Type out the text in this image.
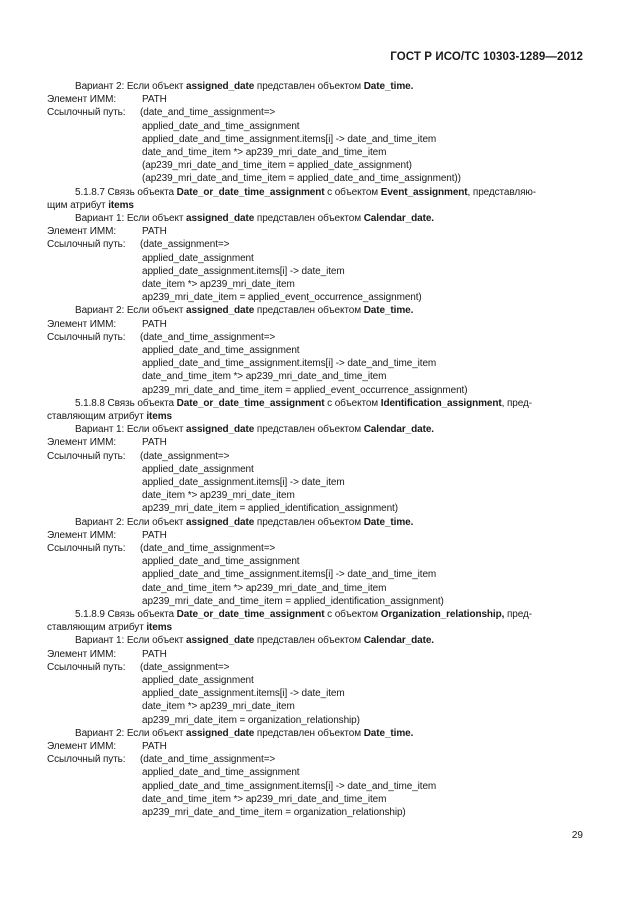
ГОСТ Р ИСО/ТС 10303-1289—2012
Вариант 2: Если объект assigned_date представлен объектом Date_time.
Элемент ИММ:	PATH
Ссылочный путь: (date_and_time_assignment=>
applied_date_and_time_assignment
applied_date_and_time_assignment.items[i] -> date_and_time_item
date_and_time_item *> ap239_mri_date_and_time_item
(ap239_mri_date_and_time_item = applied_date_assignment)
(ap239_mri_date_and_time_item = applied_date_and_time_assignment))
5.1.8.7 Связь объекта Date_or_date_time_assignment с объектом Event_assignment, представляю-
щим атрибут items
Вариант 1: Если объект assigned_date представлен объектом Calendar_date.
Элемент ИММ:	PATH
Ссылочный путь: (date_assignment=>
applied_date_assignment
applied_date_assignment.items[i] -> date_item
date_item *> ap239_mri_date_item
ap239_mri_date_item = applied_event_occurrence_assignment)
Вариант 2: Если объект assigned_date представлен объектом Date_time.
Элемент ИММ:	PATH
Ссылочный путь: (date_and_time_assignment=>
applied_date_and_time_assignment
applied_date_and_time_assignment.items[i] -> date_and_time_item
date_and_time_item *> ap239_mri_date_and_time_item
ap239_mri_date_and_time_item = applied_event_occurrence_assignment)
5.1.8.8 Связь объекта Date_or_date_time_assignment с объектом Identification_assignment, пред-
ставляющим атрибут items
Вариант 1: Если объект assigned_date представлен объектом Calendar_date.
Элемент ИММ:	PATH
Ссылочный путь: (date_assignment=>
applied_date_assignment
applied_date_assignment.items[i] -> date_item
date_item *> ap239_mri_date_item
ap239_mri_date_item = applied_identification_assignment)
Вариант 2: Если объект assigned_date представлен объектом Date_time.
Элемент ИММ:	PATH
Ссылочный путь: (date_and_time_assignment=>
applied_date_and_time_assignment
applied_date_and_time_assignment.items[i] -> date_and_time_item
date_and_time_item *> ap239_mri_date_and_time_item
ap239_mri_date_and_time_item = applied_identification_assignment)
5.1.8.9 Связь объекта Date_or_date_time_assignment с объектом Organization_relationship, пред-
ставляющим атрибут items
Вариант 1: Если объект assigned_date представлен объектом Calendar_date.
Элемент ИММ:	PATH
Ссылочный путь: (date_assignment=>
applied_date_assignment
applied_date_assignment.items[i] -> date_item
date_item *> ap239_mri_date_item
ap239_mri_date_item = organization_relationship)
Вариант 2: Если объект assigned_date представлен объектом Date_time.
Элемент ИММ:	PATH
Ссылочный путь: (date_and_time_assignment=>
applied_date_and_time_assignment
applied_date_and_time_assignment.items[i] -> date_and_time_item
date_and_time_item *> ap239_mri_date_and_time_item
ap239_mri_date_and_time_item = organization_relationship)
29
